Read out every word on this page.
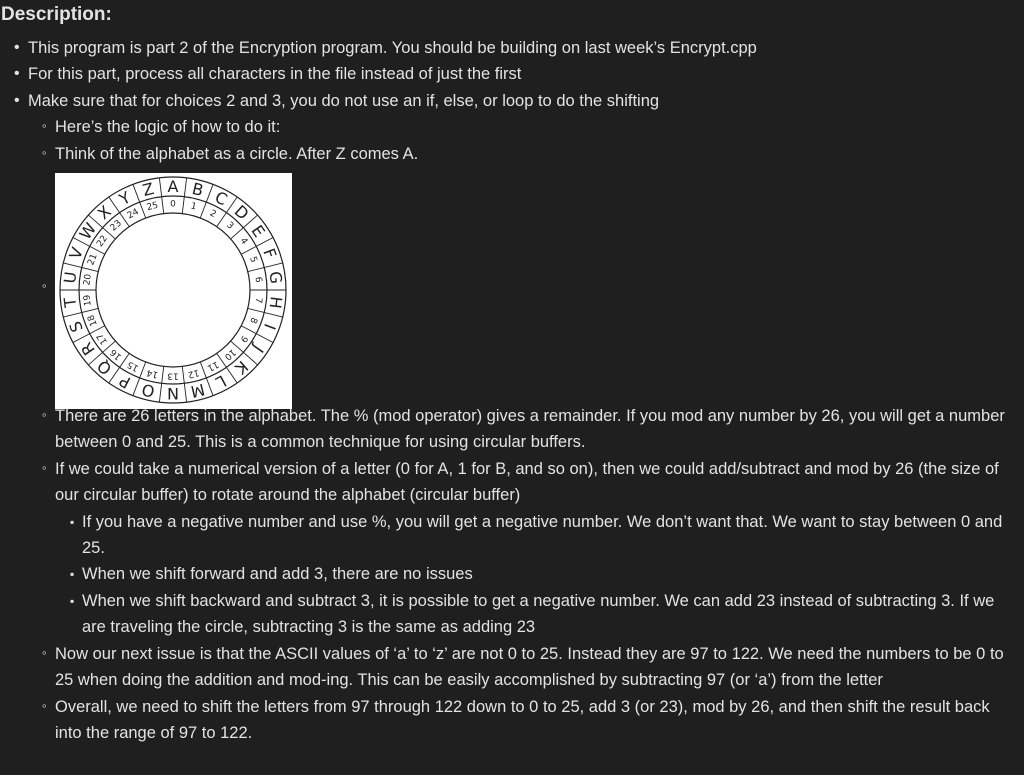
Description:
• This program is part 2 of the Encryption program. You should be building on last week’s Encrypt.cpp
• For this part, process all characters in the file instead of just the first
• Make sure that for choices 2 and 3, you do not use an if, else, or loop to do the shifting
◦ Here’s the logic of how to do it:
◦ Think of the alphabet as a circle. After Z comes A.
◦
A
0
B
1 C
2 D
3 E
4
F
5
G
6
H
7
I
8
J
9
K
10
L
11
M
12
N
13
O
14
P
15
Q
16
R
17
S 18
T 19
U 20
V 21
W
22
X
23
Y
24
Z
25
◦ There are 26 letters in the alphabet. The % (mod operator) gives a remainder. If you mod any number by 26, you will get a number between 0 and 25. This is a common technique for using circular buffers.
◦ If we could take a numerical version of a letter (0 for A, 1 for B, and so on), then we could add/subtract and mod by 26 (the size of our circular buffer) to rotate around the alphabet (circular buffer)
▪ If you have a negative number and use %, you will get a negative number. We don’t want that. We want to stay between 0 and 25.
▪ When we shift forward and add 3, there are no issues
▪ When we shift backward and subtract 3, it is possible to get a negative number. We can add 23 instead of subtracting 3. If we are traveling the circle, subtracting 3 is the same as adding 23
◦ Now our next issue is that the ASCII values of ‘a’ to ‘z’ are not 0 to 25. Instead they are 97 to 122. We need the numbers to be 0 to 25 when doing the addition and mod-ing. This can be easily accomplished by subtracting 97 (or ‘a’) from the letter
◦ Overall, we need to shift the letters from 97 through 122 down to 0 to 25, add 3 (or 23), mod by 26, and then shift the result back into the range of 97 to 122.
